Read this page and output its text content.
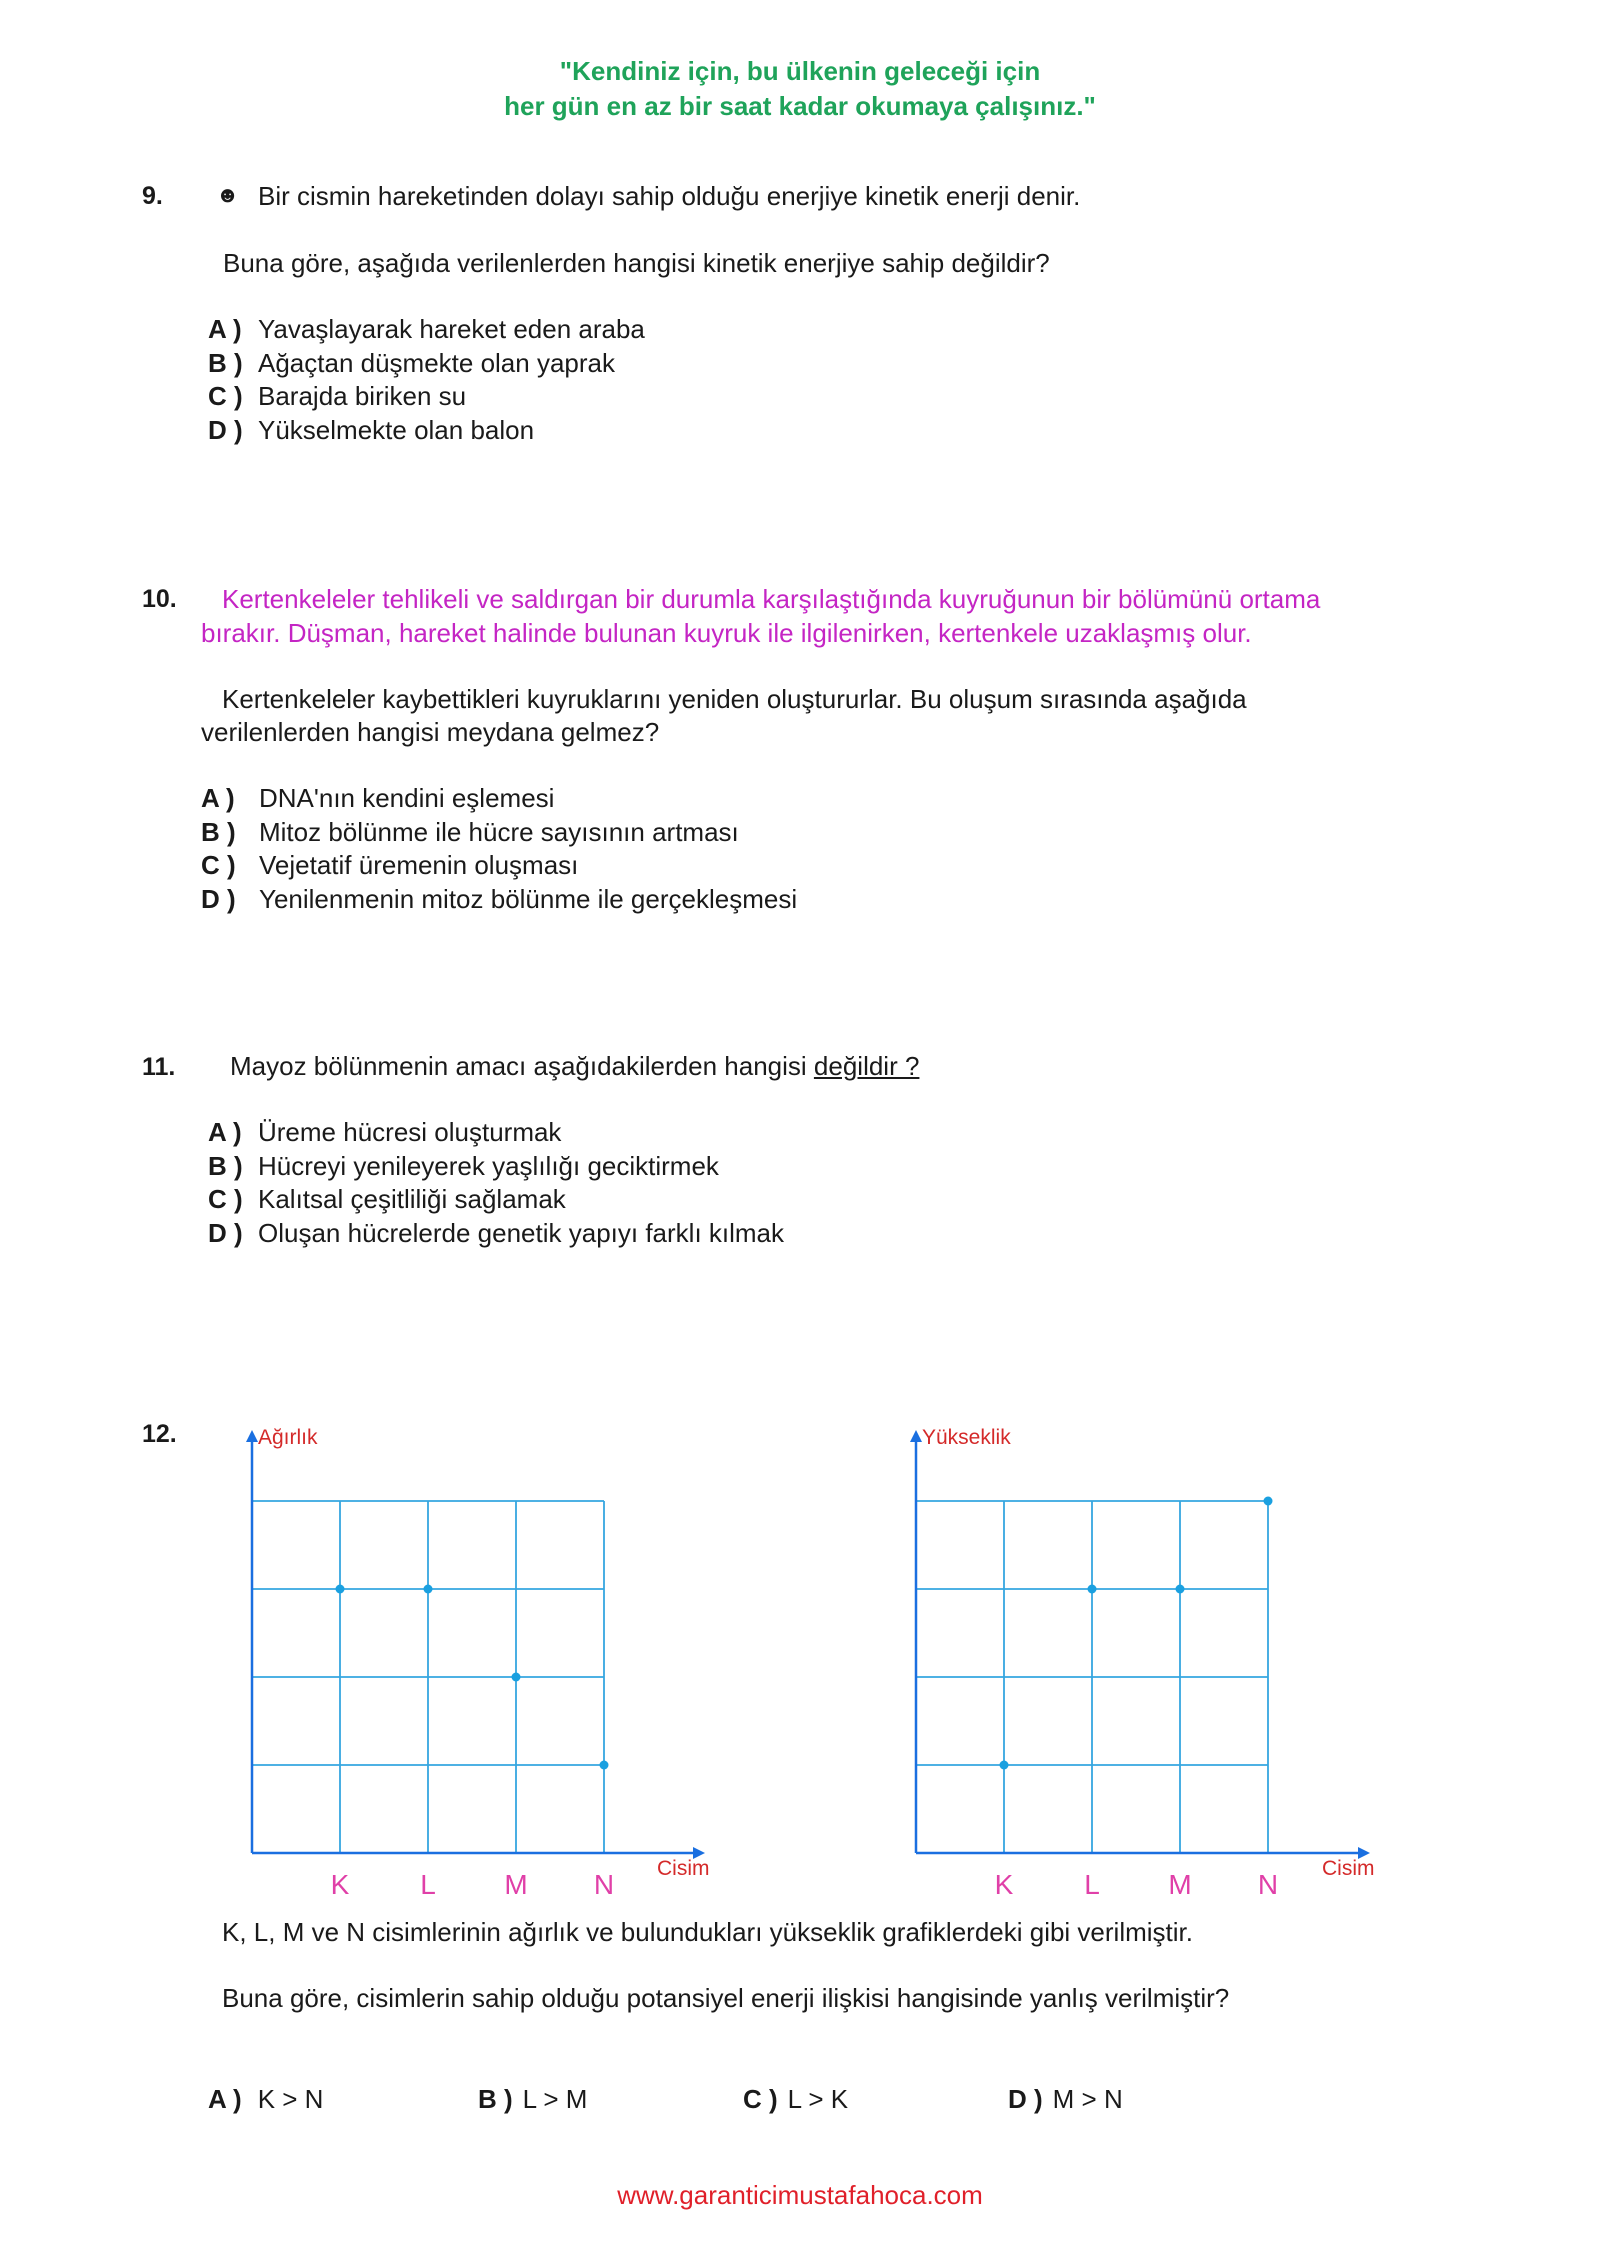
"Kendiniz için, bu ülkenin geleceği için
her gün en az bir saat kadar okumaya çalışınız."
9. ☻ Bir cismin hareketinden dolayı sahip olduğu enerjiye kinetik enerji denir.
Buna göre, aşağıda verilenlerden hangisi kinetik enerjiye sahip değildir?
A ) Yavaşlayarak hareket eden araba
B ) Ağaçtan düşmekte olan yaprak
C ) Barajda biriken su
D ) Yükselmekte olan balon
10. Kertenkeleler tehlikeli ve saldırgan bir durumla karşılaştığında kuyruğunun bir bölümünü ortama
bırakır. Düşman, hareket halinde bulunan kuyruk ile ilgilenirken, kertenkele uzaklaşmış olur.
Kertenkeleler kaybettikleri kuyruklarını yeniden oluştururlar. Bu oluşum sırasında aşağıda
verilenlerden hangisi meydana gelmez?
A ) DNA'nın kendini eşlemesi
B ) Mitoz bölünme ile hücre sayısının artması
C ) Vejetatif üremenin oluşması
D ) Yenilenmenin mitoz bölünme ile gerçekleşmesi
11. Mayoz bölünmenin amacı aşağıdakilerden hangisi değildir ?
A ) Üreme hücresi oluşturmak
B ) Hücreyi yenileyerek yaşlılığı geciktirmek
C ) Kalıtsal çeşitliliği sağlamak
D ) Oluşan hücrelerde genetik yapıyı farklı kılmak
12.	Ağırlık
Cisim
K	L M N
Yükseklik
Cisim
K	L M N
K, L, M ve N cisimlerinin ağırlık ve bulundukları yükseklik grafiklerdeki gibi verilmiştir.
Buna göre, cisimlerin sahip olduğu potansiyel enerji ilişkisi hangisinde yanlış verilmiştir?
A ) K > N	B ) L > M	C ) L > K	D ) M > N
www.garanticimustafahoca.com
